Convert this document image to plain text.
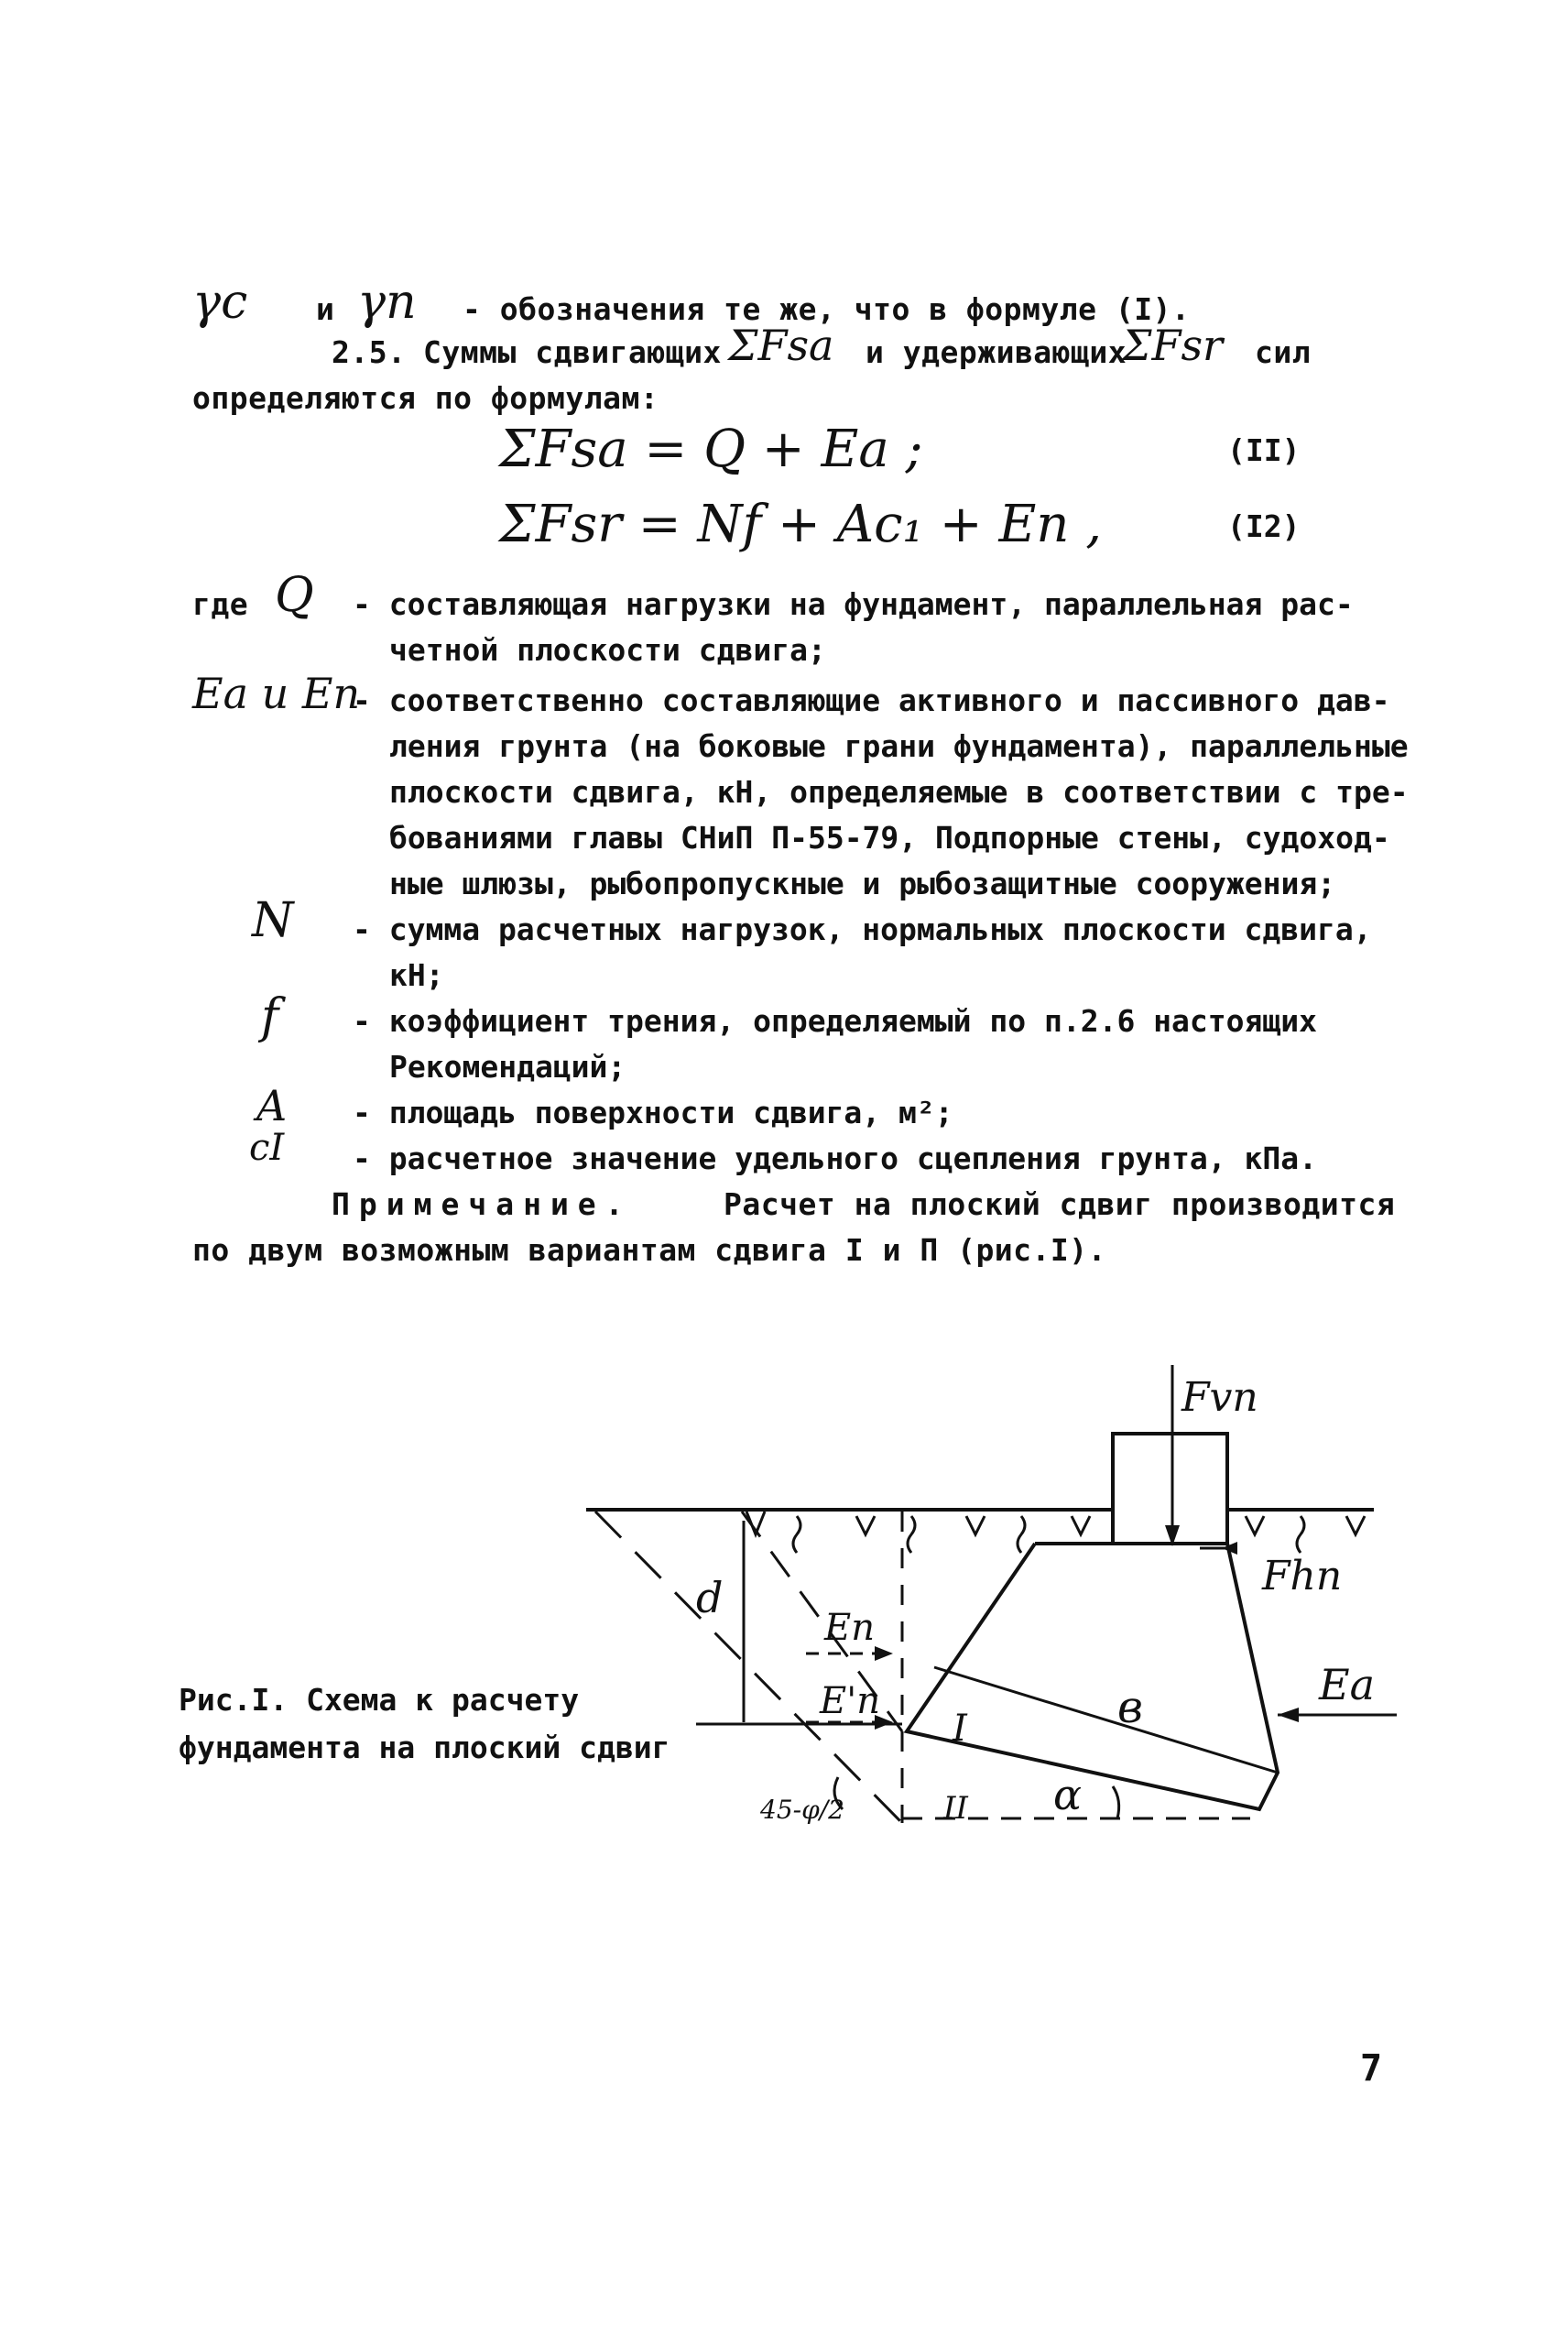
γc и γn - обозначения те же, что в формуле (I).
2.5. Суммы сдвигающих ΣFsa и удерживающих
ΣFsr сил
определяются по формулам:
ΣFsa = Q + Ea ;	(II)
ΣFsr = Nf + Ac₁ + Eп ,	(I2)
где Q - составляющая нагрузки на фундамент, параллельная рас-
четной плоскости сдвига;
Ea и Eп
- соответственно составляющие активного и пассивного дав-
ления грунта (на боковые грани фундамента), параллельные
плоскости сдвига, кН, определяемые в соответствии с тре-
бованиями главы СНиП П-55-79, Подпорные стены, судоход-
ные шлюзы, рыбопропускные и рыбозащитные сооружения;
N - сумма расчетных нагрузок, нормальных плоскости сдвига,
кН;
f - коэффициент трения, определяемый по п.2.6 настоящих
Рекомендаций;
A - площадь поверхности сдвига, м²;
cI - расчетное значение удельного сцепления грунта, кПа.
Примечание.	Расчет на плоский сдвиг производится
по двум возможным вариантам сдвига I и П (рис.I).
Рис.I. Схема к расчету
фундамента на плоский сдвиг
Fvn
Fhn
Ea
Eп
E'п
d
в
α
I
II
45-φ/2
7
